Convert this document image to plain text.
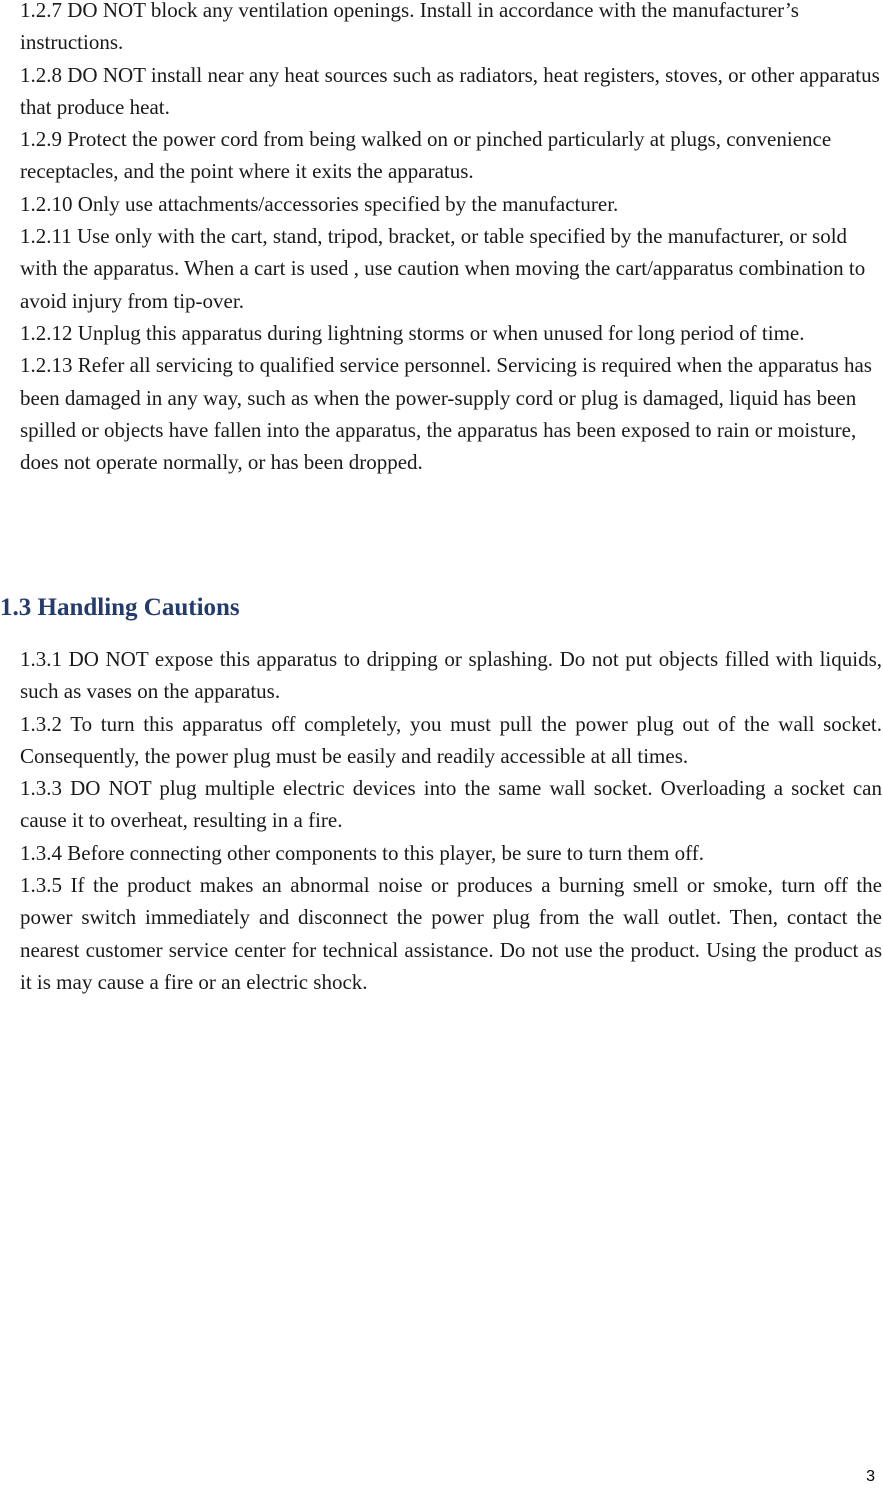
1.2.7 DO NOT block any ventilation openings. Install in accordance with the manufacturer’s instructions.

1.2.8 DO NOT install near any heat sources such as radiators, heat registers, stoves, or other apparatus that produce heat.

1.2.9 Protect the power cord from being walked on or pinched particularly at plugs, convenience receptacles, and the point where it exits the apparatus.

1.2.10 Only use attachments/accessories specified by the manufacturer.

1.2.11 Use only with the cart, stand, tripod, bracket, or table specified by the manufacturer, or sold with the apparatus. When a cart is used , use caution when moving the cart/apparatus combination to avoid injury from tip-over.

1.2.12 Unplug this apparatus during lightning storms or when unused for long period of time.

1.2.13 Refer all servicing to qualified service personnel. Servicing is required when the apparatus has been damaged in any way, such as when the power-supply cord or plug is damaged, liquid has been spilled or objects have fallen into the apparatus, the apparatus has been exposed to rain or moisture, does not operate normally, or has been dropped.

1.3 Handling Cautions

1.3.1 DO NOT expose this apparatus to dripping or splashing. Do not put objects filled with liquids, such as vases on the apparatus.

1.3.2 To turn this apparatus off completely, you must pull the power plug out of the wall socket. Consequently, the power plug must be easily and readily accessible at all times.

1.3.3 DO NOT plug multiple electric devices into the same wall socket. Overloading a socket can cause it to overheat, resulting in a fire.

1.3.4 Before connecting other components to this player, be sure to turn them off.

1.3.5 If the product makes an abnormal noise or produces a burning smell or smoke, turn off the power switch immediately and disconnect the power plug from the wall outlet. Then, contact the nearest customer service center for technical assistance. Do not use the product. Using the product as it is may cause a fire or an electric shock.

3
